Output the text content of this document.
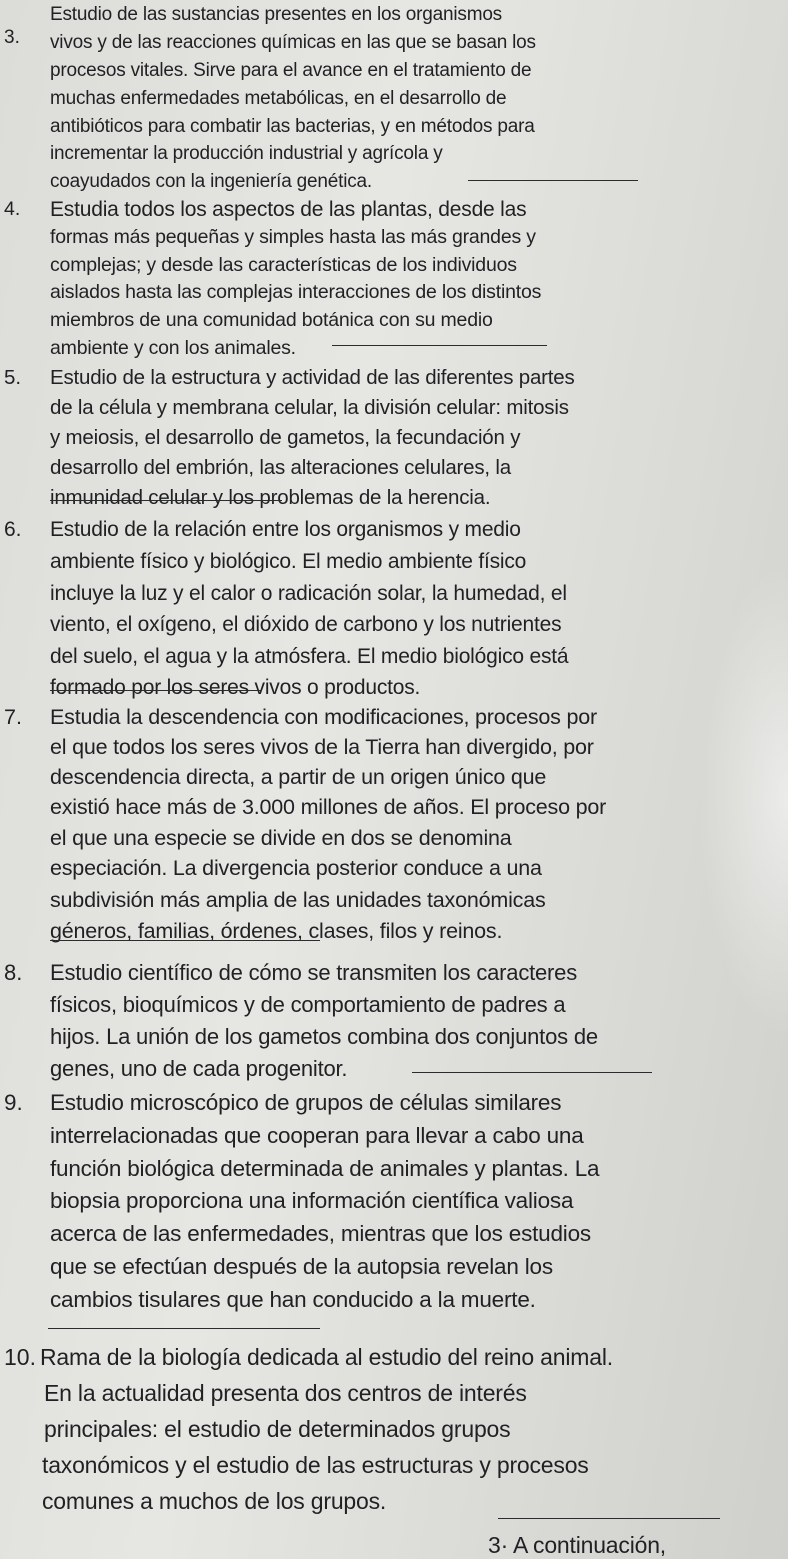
3.
Estudio de las sustancias presentes en los organismos
vivos y de las reacciones químicas en las que se basan los
procesos vitales. Sirve para el avance en el tratamiento de
muchas enfermedades metabólicas, en el desarrollo de
antibióticos para combatir las bacterias, y en métodos para
incrementar la producción industrial y agrícola y
coayudados con la ingeniería genética.
4. Estudia todos los aspectos de las plantas, desde las
formas más pequeñas y simples hasta las más grandes y
complejas; y desde las características de los individuos
aislados hasta las complejas interacciones de los distintos
miembros de una comunidad botánica con su medio
ambiente y con los animales.
5. Estudio de la estructura y actividad de las diferentes partes
de la célula y membrana celular, la división celular: mitosis
y meiosis, el desarrollo de gametos, la fecundación y
desarrollo del embrión, las alteraciones celulares, la
inmunidad celular y los problemas de la herencia.
6. Estudio de la relación entre los organismos y medio
ambiente físico y biológico. El medio ambiente físico
incluye la luz y el calor o radicación solar, la humedad, el
viento, el oxígeno, el dióxido de carbono y los nutrientes
del suelo, el agua y la atmósfera. El medio biológico está
formado por los seres vivos o productos.
7. Estudia la descendencia con modificaciones, procesos por
el que todos los seres vivos de la Tierra han divergido, por
descendencia directa, a partir de un origen único que
existió hace más de 3.000 millones de años. El proceso por
el que una especie se divide en dos se denomina
especiación. La divergencia posterior conduce a una
subdivisión más amplia de las unidades taxonómicas
géneros, familias, órdenes, clases, filos y reinos.
8. Estudio científico de cómo se transmiten los caracteres
físicos, bioquímicos y de comportamiento de padres a
hijos. La unión de los gametos combina dos conjuntos de
genes, uno de cada progenitor.
9. Estudio microscópico de grupos de células similares
interrelacionadas que cooperan para llevar a cabo una
función biológica determinada de animales y plantas. La
biopsia proporciona una información científica valiosa
acerca de las enfermedades, mientras que los estudios
que se efectúan después de la autopsia revelan los
cambios tisulares que han conducido a la muerte.
10. Rama de la biología dedicada al estudio del reino animal.
En la actualidad presenta dos centros de interés
principales: el estudio de determinados grupos
taxonómicos y el estudio de las estructuras y procesos
comunes a muchos de los grupos.
3· A continuación,
